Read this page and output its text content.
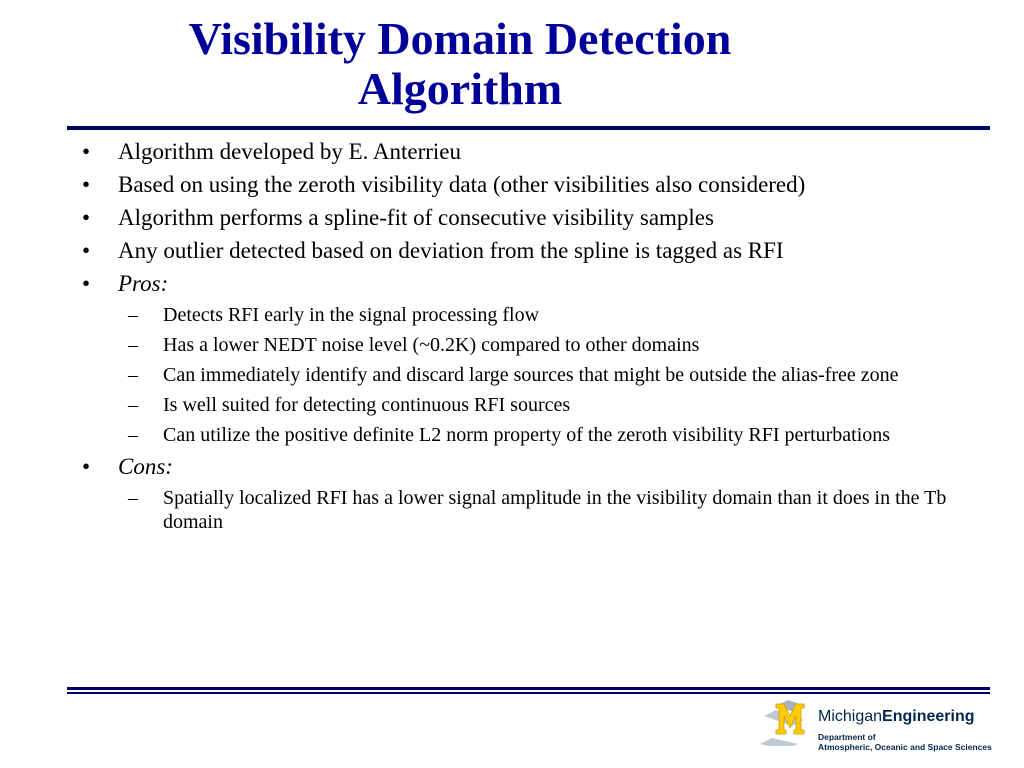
Visibility Domain Detection
Algorithm
• Algorithm developed by E. Anterrieu
• Based on using the zeroth visibility data (other visibilities also considered)
• Algorithm performs a spline-fit of consecutive visibility samples
• Any outlier detected based on deviation from the spline is tagged as RFI
• Pros:
– Detects RFI early in the signal processing flow
– Has a lower NEDT noise level (~0.2K) compared to other domains
– Can immediately identify and discard large sources that might be outside the alias-free zone
– Is well suited for detecting continuous RFI sources
– Can utilize the positive definite L2 norm property of the zeroth visibility RFI perturbations
• Cons:
– Spatially localized RFI has a lower signal amplitude in the visibility domain than it does in the Tb domain
MichiganEngineering
Department of
Atmospheric, Oceanic and Space Sciences
